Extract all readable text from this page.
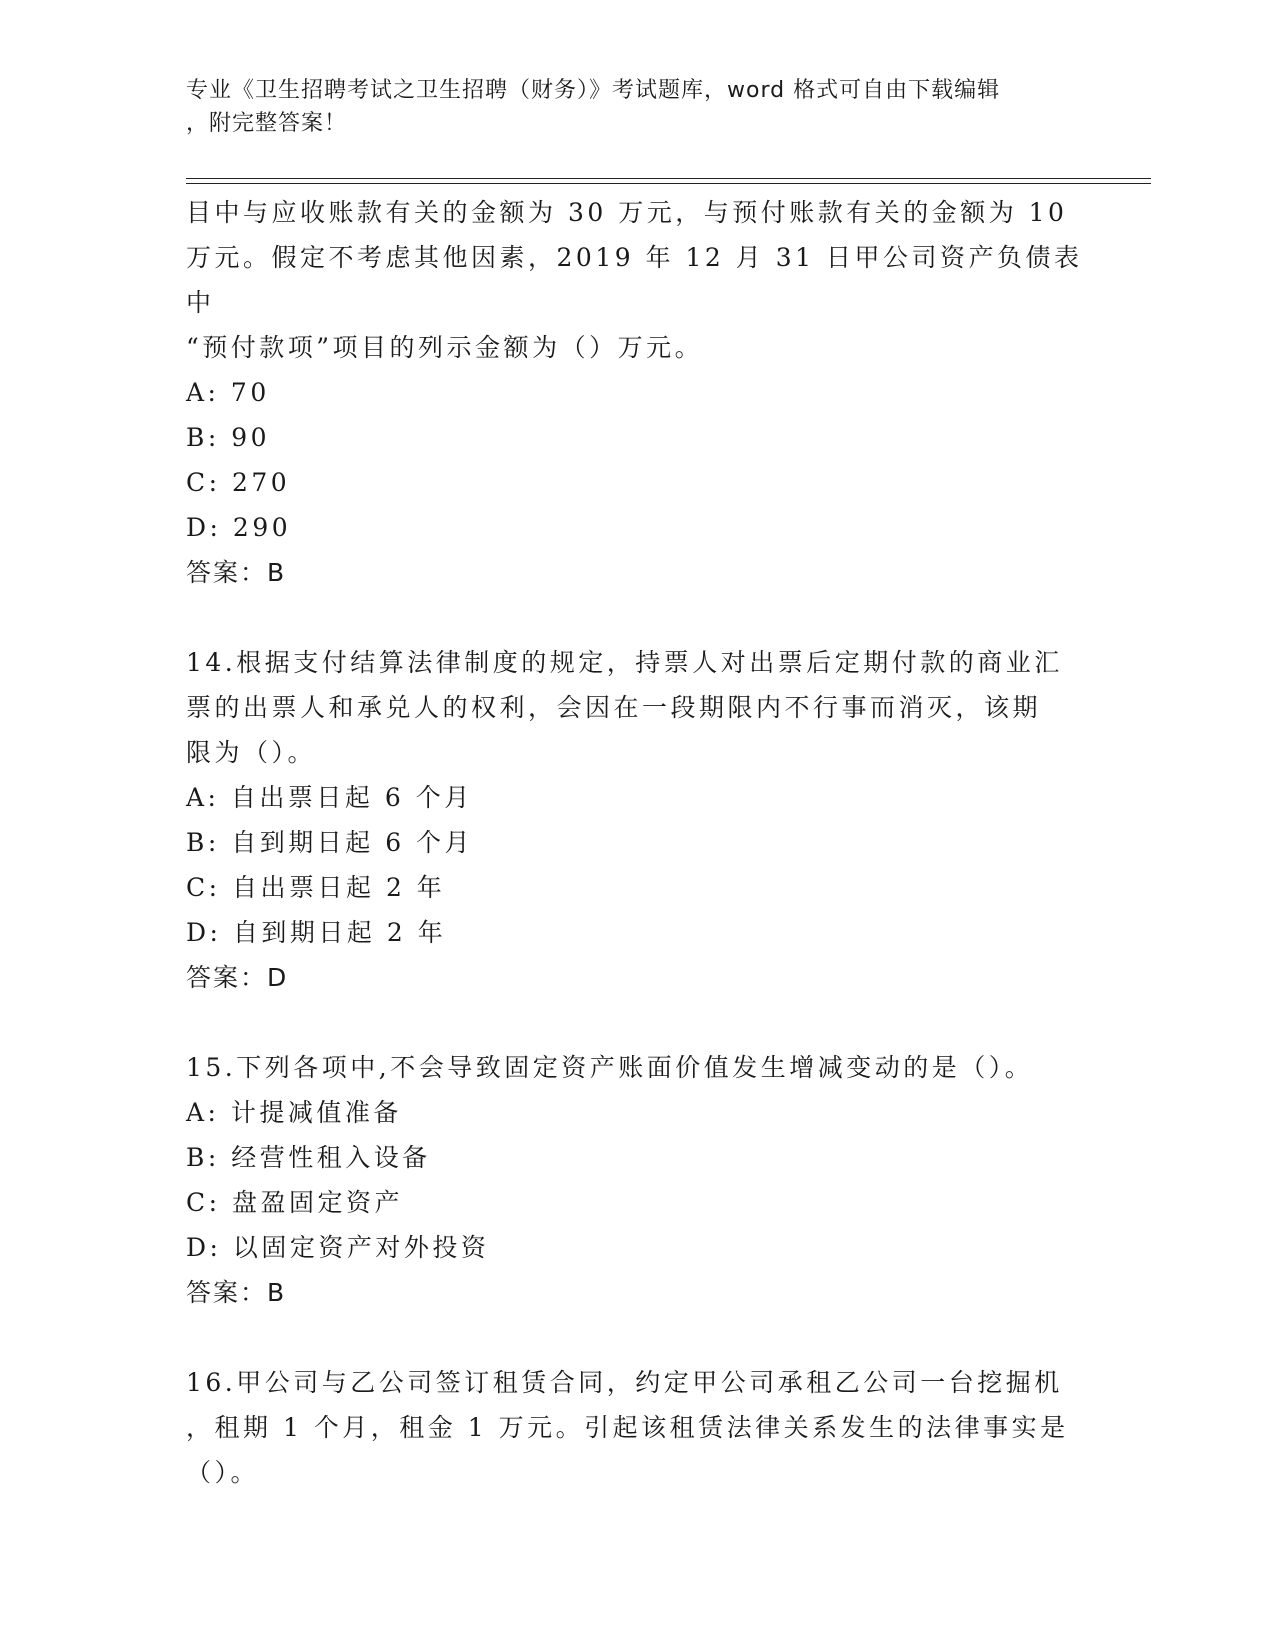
专业《卫生招聘考试之卫生招聘（财务）》考试题库，word 格式可自由下载编辑
，附完整答案！

目中与应收账款有关的金额为 30 万元，与预付账款有关的金额为 10

万元。假定不考虑其他因素，2019 年 12 月 31 日甲公司资产负债表中

“预付款项”项目的列示金额为（）万元。

A: 70

B: 90

C: 270

D: 290

答案：B

14.根据支付结算法律制度的规定，持票人对出票后定期付款的商业汇

票的出票人和承兑人的权利，会因在一段期限内不行事而消灭，该期

限为（）。

A: 自出票日起 6 个月

B: 自到期日起 6 个月

C: 自出票日起 2 年

D: 自到期日起 2 年

答案：D

15.下列各项中,不会导致固定资产账面价值发生增减变动的是（）。

A: 计提减值准备

B: 经营性租入设备

C: 盘盈固定资产

D: 以固定资产对外投资

答案：B

16.甲公司与乙公司签订租赁合同，约定甲公司承租乙公司一台挖掘机

，租期 1 个月，租金 1 万元。引起该租赁法律关系发生的法律事实是

（）。
